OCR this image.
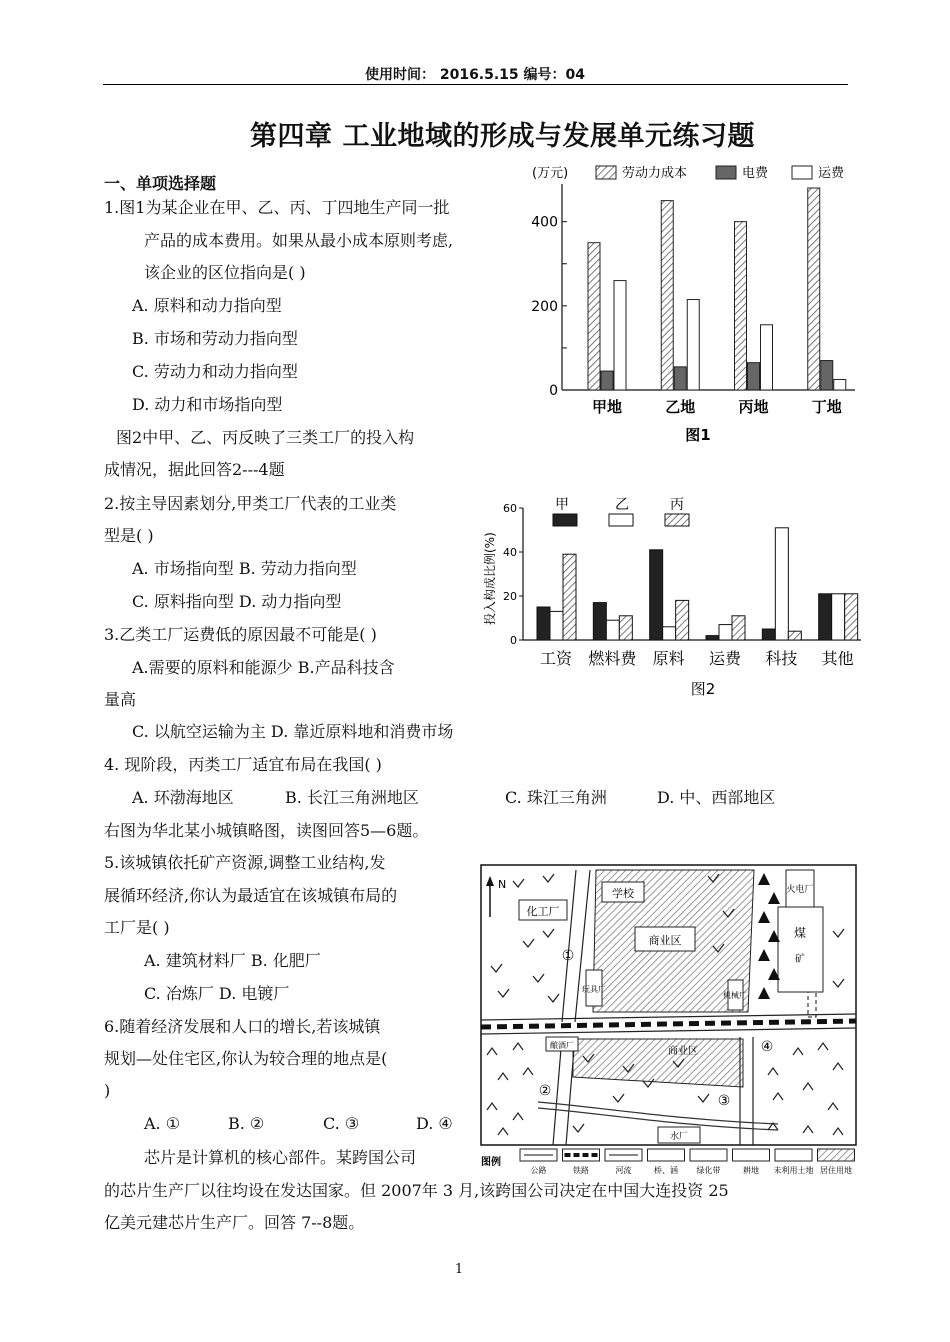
使用时间： 2016.5.15 编号：04
第四章 工业地域的形成与发展单元练习题
一、单项选择题
1.图1为某企业在甲、乙、丙、丁四地生产同一批
产品的成本费用。如果从最小成本原则考虑,
该企业的区位指向是( )
A. 原料和动力指向型
B. 市场和劳动力指向型
C. 劳动力和动力指向型
D. 动力和市场指向型
图2中甲、乙、丙反映了三类工厂的投入构
成情况，据此回答2---4题
2.按主导因素划分,甲类工厂代表的工业类
型是( )
A. 市场指向型 B. 劳动力指向型
C. 原料指向型 D. 动力指向型
3.乙类工厂运费低的原因最不可能是( )
A.需要的原料和能源少 B.产品科技含
量高
C. 以航空运输为主 D. 靠近原料地和消费市场
4. 现阶段，丙类工厂适宜布局在我国( )
A. 环渤海地区	B. 长江三角洲地区	C. 珠江三角洲	D. 中、西部地区
右图为华北某小城镇略图，读图回答5—6题。
5.该城镇依托矿产资源,调整工业结构,发
展循环经济,你认为最适宜在该城镇布局的
工厂是( )
A. 建筑材料厂 B. 化肥厂
C. 冶炼厂 D. 电镀厂
6.随着经济发展和人口的增长,若该城镇
规划—处住宅区,你认为较合理的地点是(
)
A. ①	B. ②	C. ③	D. ④
芯片是计算机的核心部件。某跨国公司
的芯片生产厂以往均设在发达国家。但 2007年 3 月,该跨国公司决定在中国大连投资 25
亿美元建芯片生产厂。回答 7--8题。
1
(万元)	劳动力成本	电费	运费
0
200
400
甲地	乙地	丙地	丁地
图1
投入构成比例(%)
甲	乙	丙
0
20
40
60
工资 燃料费 原料 运费 科技 其他
图2
化工厂
学校
商业区
玩具厂
机械厂
火电厂
煤
矿
酿酒厂
商业区
水厂
①
②
③
④
N
图例
公路	铁路	河流	桥、涵 绿化带	耕地 未利用土地 居住用地
